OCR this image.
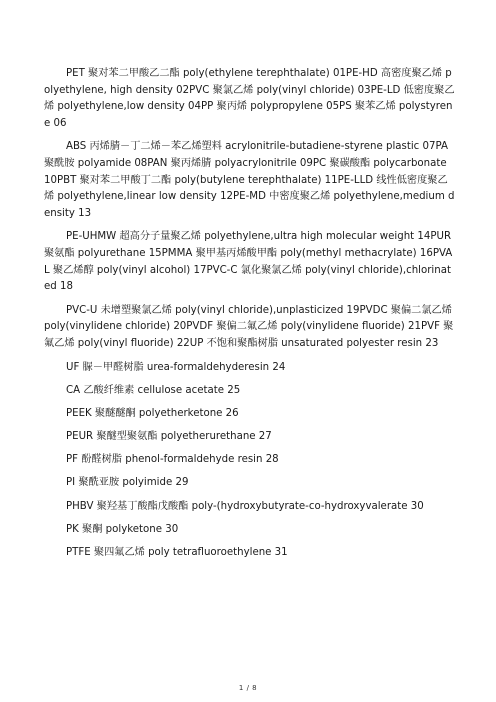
PET 聚对苯二甲酸乙二酯 poly(ethylene terephthalate) 01PE-HD 高密度聚乙烯 polyethylene, high density 02PVC 聚氯乙烯 poly(vinyl chloride) 03PE-LD 低密度聚乙烯 polyethylene,low density 04PP 聚丙烯 polypropylene 05PS 聚苯乙烯 polystyrene 06

ABS 丙烯腈－丁二烯－苯乙烯塑料 acrylonitrile-butadiene-styrene plastic 07PA 聚酰胺 polyamide 08PAN 聚丙烯腈 polyacrylonitrile 09PC 聚碳酸酯 polycarbonate 10PBT 聚对苯二甲酸丁二酯 poly(butylene terephthalate) 11PE-LLD 线性低密度聚乙烯 polyethylene,linear low density 12PE-MD 中密度聚乙烯 polyethylene,medium density 13

PE-UHMW 超高分子量聚乙烯 polyethylene,ultra high molecular weight 14PUR 聚氨酯 polyurethane 15PMMA 聚甲基丙烯酸甲酯 poly(methyl methacrylate) 16PVAL 聚乙烯醇 poly(vinyl alcohol) 17PVC-C 氯化聚氯乙烯 poly(vinyl chloride),chlorinated 18

PVC-U 未增塑聚氯乙烯 poly(vinyl chloride),unplasticized 19PVDC 聚偏二氯乙烯 poly(vinylidene chloride) 20PVDF 聚偏二氟乙烯 poly(vinylidene fluoride) 21PVF 聚氟乙烯 poly(vinyl fluoride) 22UP 不饱和聚酯树脂 unsaturated polyester resin 23

UF 脲－甲醛树脂 urea-formaldehyderesin 24
CA 乙酸纤维素 cellulose acetate 25
PEEK 聚醚醚酮 polyetherketone 26
PEUR 聚醚型聚氨酯 polyetherurethane 27
PF 酚醛树脂 phenol-formaldehyde resin 28
PI 聚酰亚胺 polyimide 29
PHBV 聚羟基丁酸酯戊酸酯 poly-(hydroxybutyrate-co-hydroxyvalerate 30
PK 聚酮 polyketone 30
PTFE 聚四氟乙烯 poly tetrafluoroethylene 31
1 / 8
